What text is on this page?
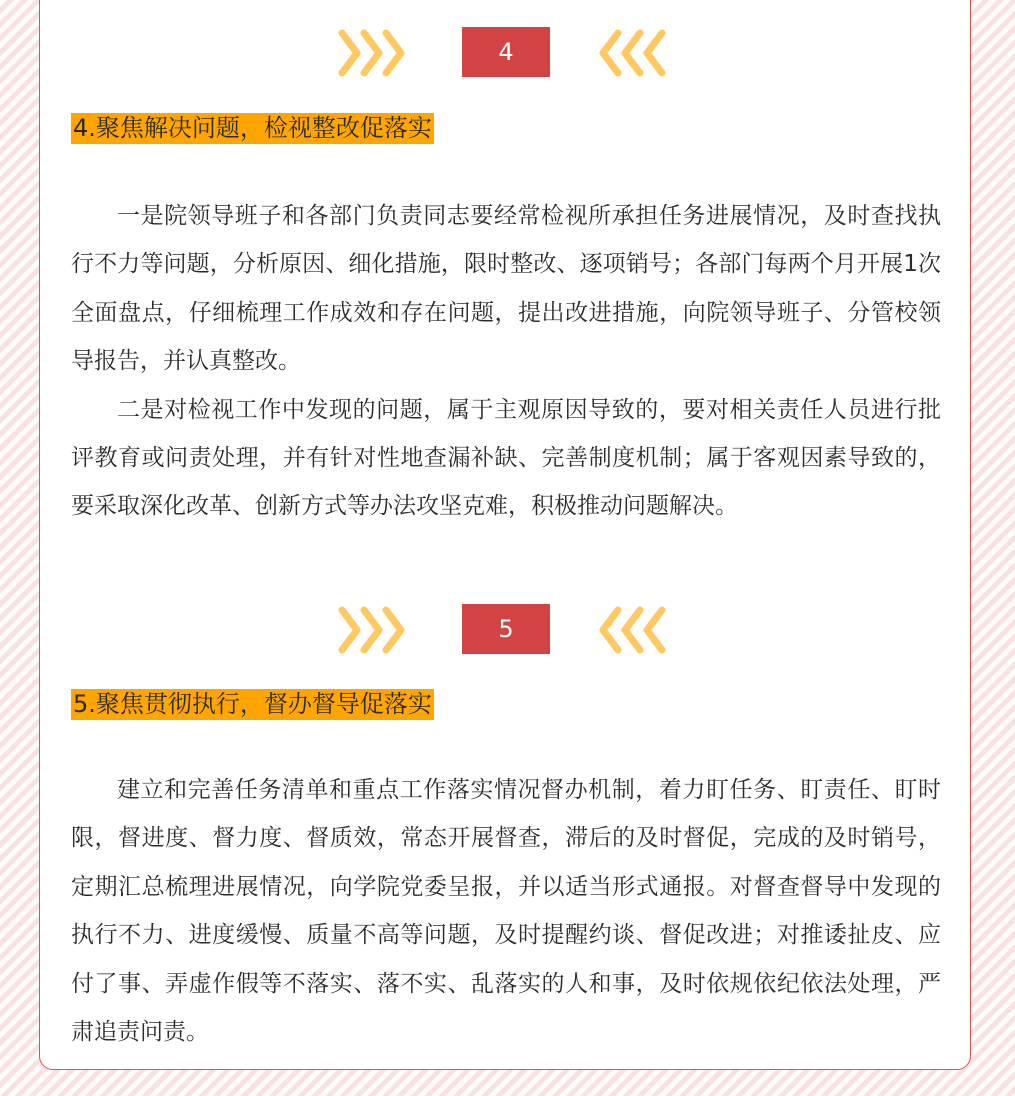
4
4.聚焦解决问题，检视整改促落实

一是院领导班子和各部门负责同志要经常检视所承担任务进展情况，及时查找执行不力等问题，分析原因、细化措施，限时整改、逐项销号；各部门每两个月开展1次全面盘点，仔细梳理工作成效和存在问题，提出改进措施，向院领导班子、分管校领导报告，并认真整改。

二是对检视工作中发现的问题，属于主观原因导致的，要对相关责任人员进行批评教育或问责处理，并有针对性地查漏补缺、完善制度机制；属于客观因素导致的，要采取深化改革、创新方式等办法攻坚克难，积极推动问题解决。

5
5.聚焦贯彻执行，督办督导促落实

建立和完善任务清单和重点工作落实情况督办机制，着力盯任务、盯责任、盯时限，督进度、督力度、督质效，常态开展督查，滞后的及时督促，完成的及时销号，定期汇总梳理进展情况，向学院党委呈报，并以适当形式通报。对督查督导中发现的执行不力、进度缓慢、质量不高等问题，及时提醒约谈、督促改进；对推诿扯皮、应付了事、弄虚作假等不落实、落不实、乱落实的人和事，及时依规依纪依法处理，严肃追责问责。
